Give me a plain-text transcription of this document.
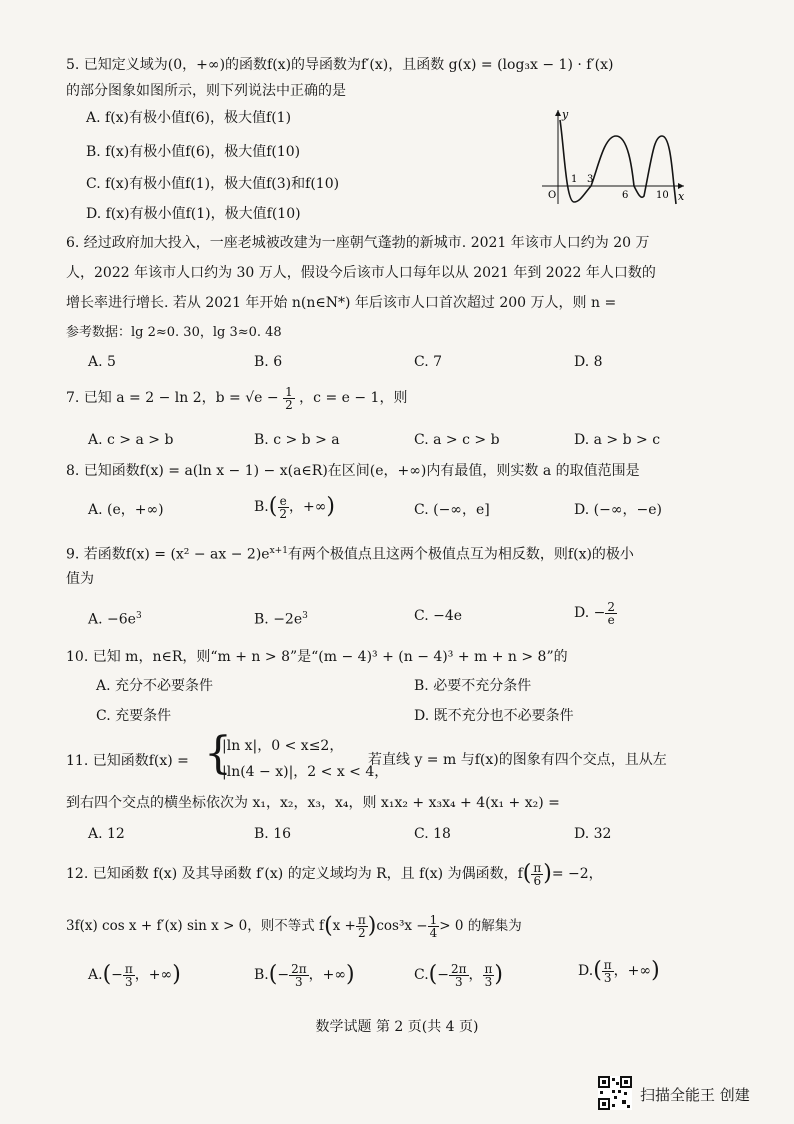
5. 已知定义域为(0，+∞)的函数f(x)的导函数为f′(x)，且函数 g(x) = (log₃x − 1) · f′(x)
的部分图象如图所示，则下列说法中正确的是
A. f(x)有极小值f(6)，极大值f(1)
B. f(x)有极小值f(6)，极大值f(10)
C. f(x)有极小值f(1)，极大值f(3)和f(10)
D. f(x)有极小值f(1)，极大值f(10)
y
x
O
1 3
6	10
6. 经过政府加大投入，一座老城被改建为一座朝气蓬勃的新城市. 2021 年该市人口约为 20 万
人，2022 年该市人口约为 30 万人，假设今后该市人口每年以从 2021 年到 2022 年人口数的
增长率进行增长. 若从 2021 年开始 n(n∈N*) 年后该市人口首次超过 200 万人，则 n =
参考数据：lg 2≈0. 30，lg 3≈0. 48
A. 5	B. 6	C. 7	D. 8
7. 已知 a = 2 − ln 2，$b = √e - \frac{1}{2}$ ，c = e − 1，则
A. c > a > b	B. c > b > a	C. a > c > b	D. a > b > c
8. 已知函数f(x) = a(ln x − 1) − x(a∈R)在区间(e，+∞)内有最值，则实数 a 的取值范围是
A. (e，+∞)	$B.( \frac{e}{2}$ ，+∞)	C. (−∞，e]	D. (−∞，−e)
9. 若函数f(x) = (x² − ax − $2)e^{x+1}$有两个极值点且这两个极值点互为相反数，则f(x)的极小
值为
A. $-6e^3$	B. $-2e^3$	C. −4e	D. − $\frac{2}{e}$
10. 已知 m，n∈R，则“m + n > 8”是“(m − 4)³ + (n − 4)³ + m + n > 8”的
A. 充分不必要条件	B. 必要不充分条件
C. 充要条件	D. 既不充分也不必要条件
11. 已知函数f(x) = {
|ln x|，0 < x≤2，
|ln(4 − x)|，2 < x < 4，
若直线 y = m 与f(x)的图象有四个交点，且从左
到右四个交点的横坐标依次为 x₁，x₂，x₃，x₄，则 x₁x₂ + x₃x₄ + 4(x₁ + x₂) =
A. 12	B. 16	C. 18	D. 32
12. 已知函数 f(x) 及其导函数 f′(x) 的定义域均为 R，且 f(x) 为偶函数，$f( \frac{\pi}{6}$ )= −2，
3f(x) cos x + f′(x) sin x > 0，则不等式 $f(x + \frac{\pi}{2} )\cos^3x - \frac{1}{4} > 0$ 的解集为
$A.(- \frac{\pi}{3}$ ，+∞)	$B.(- \frac{2\pi}{3}$ ，+∞)	$C.(- \frac{2\pi}{3}$ ， $\frac{\pi}{3}$ )	$D.( \frac{\pi}{3}$ ，+∞)
数学试题 第 2 页(共 4 页)
扫描全能王 创建
